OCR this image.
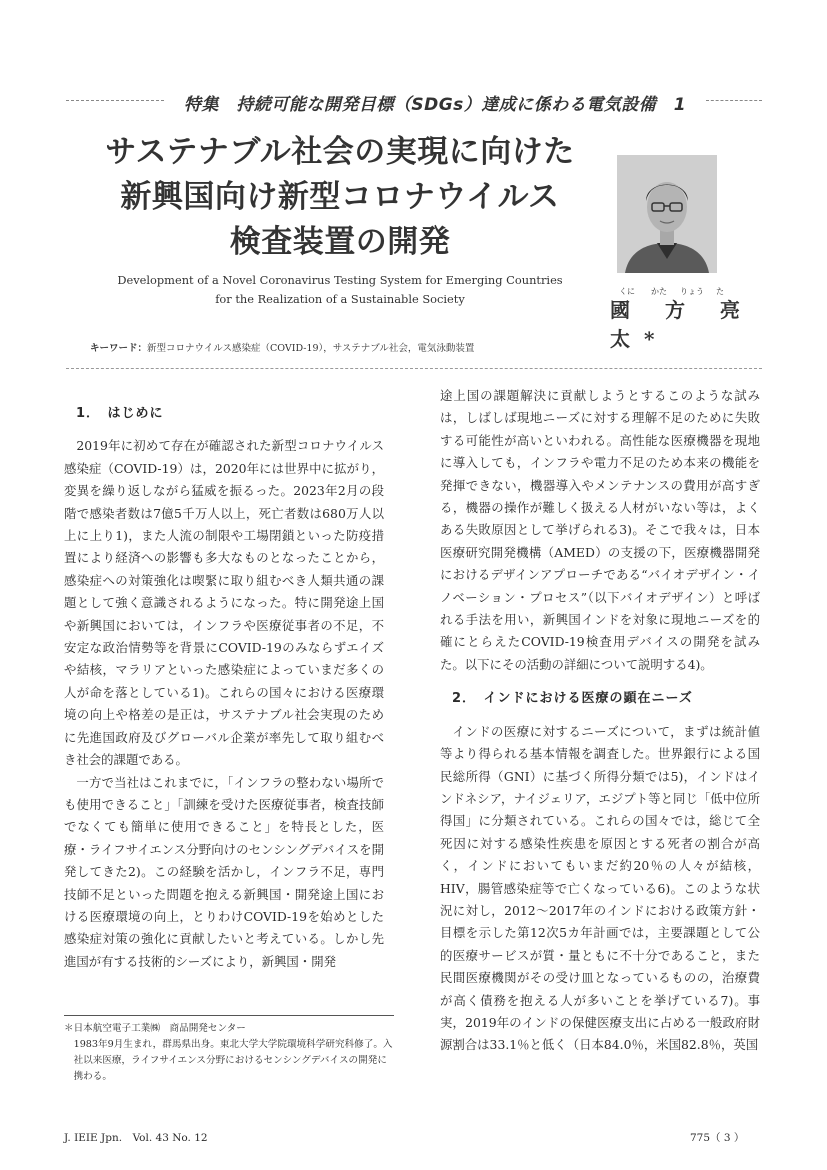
特集　持続可能な開発目標（SDGs）達成に係わる電気設備　1
サステナブル社会の実現に向けた
新興国向け新型コロナウイルス
検査装置の開発
Development of a Novel Coronavirus Testing System for Emerging Countries
for the Realization of a Sustainable Society
くに かた りょう た
國 方 亮 太*
キーワード：新型コロナウイルス感染症（COVID-19），サステナブル社会，電気泳動装置
1．　はじめに

2019年に初めて存在が確認された新型コロナウイルス感染症（COVID-19）は，2020年には世界中に拡がり，変異を繰り返しながら猛威を振るった。2023年2月の段階で感染者数は7億5千万人以上，死亡者数は680万人以上に上り1)，また人流の制限や工場閉鎖といった防疫措置により経済への影響も多大なものとなったことから，感染症への対策強化は喫緊に取り組むべき人類共通の課題として強く意識されるようになった。特に開発途上国や新興国においては，インフラや医療従事者の不足，不安定な政治情勢等を背景にCOVID-19のみならずエイズや結核，マラリアといった感染症によっていまだ多くの人が命を落としている1)。これらの国々における医療環境の向上や格差の是正は，サステナブル社会実現のために先進国政府及びグローバル企業が率先して取り組むべき社会的課題である。

一方で当社はこれまでに，「インフラの整わない場所でも使用できること」「訓練を受けた医療従事者，検査技師でなくても簡単に使用できること」を特長とした，医療・ライフサイエンス分野向けのセンシングデバイスを開発してきた2)。この経験を活かし，インフラ不足，専門技師不足といった問題を抱える新興国・開発途上国における医療環境の向上，とりわけCOVID-19を始めとした感染症対策の強化に貢献したいと考えている。しかし先進国が有する技術的シーズにより，新興国・開発

途上国の課題解決に貢献しようとするこのような試みは，しばしば現地ニーズに対する理解不足のために失敗する可能性が高いといわれる。高性能な医療機器を現地に導入しても，インフラや電力不足のため本来の機能を発揮できない，機器導入やメンテナンスの費用が高すぎる，機器の操作が難しく扱える人材がいない等は，よくある失敗原因として挙げられる3)。そこで我々は，日本医療研究開発機構（AMED）の支援の下，医療機器開発におけるデザインアプローチである“バイオデザイン・イノベーション・プロセス”（以下バイオデザイン）と呼ばれる手法を用い，新興国インドを対象に現地ニーズを的確にとらえたCOVID-19検査用デバイスの開発を試みた。以下にその活動の詳細について説明する4)。

2．　インドにおける医療の顕在ニーズ

インドの医療に対するニーズについて，まずは統計値等より得られる基本情報を調査した。世界銀行による国民総所得（GNI）に基づく所得分類では5)，インドはインドネシア，ナイジェリア，エジプト等と同じ「低中位所得国」に分類されている。これらの国々では，総じて全死因に対する感染性疾患を原因とする死者の割合が高く，インドにおいてもいまだ約20％の人々が結核，HIV，腸管感染症等で亡くなっている6)。このような状況に対し，2012～2017年のインドにおける政策方針・目標を示した第12次5カ年計画では，主要課題として公的医療サービスが質・量ともに不十分であること，また民間医療機関がその受け皿となっているものの，治療費が高く債務を抱える人が多いことを挙げている7)。事実，2019年のインドの保健医療支出に占める一般政府財源割合は33.1％と低く（日本84.0％，米国82.8％，英国

＊日本航空電子工業㈱　商品開発センター
1983年9月生まれ，群馬県出身。東北大学大学院環境科学研究科修了。入社以来医療，ライフサイエンス分野におけるセンシングデバイスの開発に携わる。
J. IEIE Jpn.　Vol. 43 No. 12	775（ 3 ）
